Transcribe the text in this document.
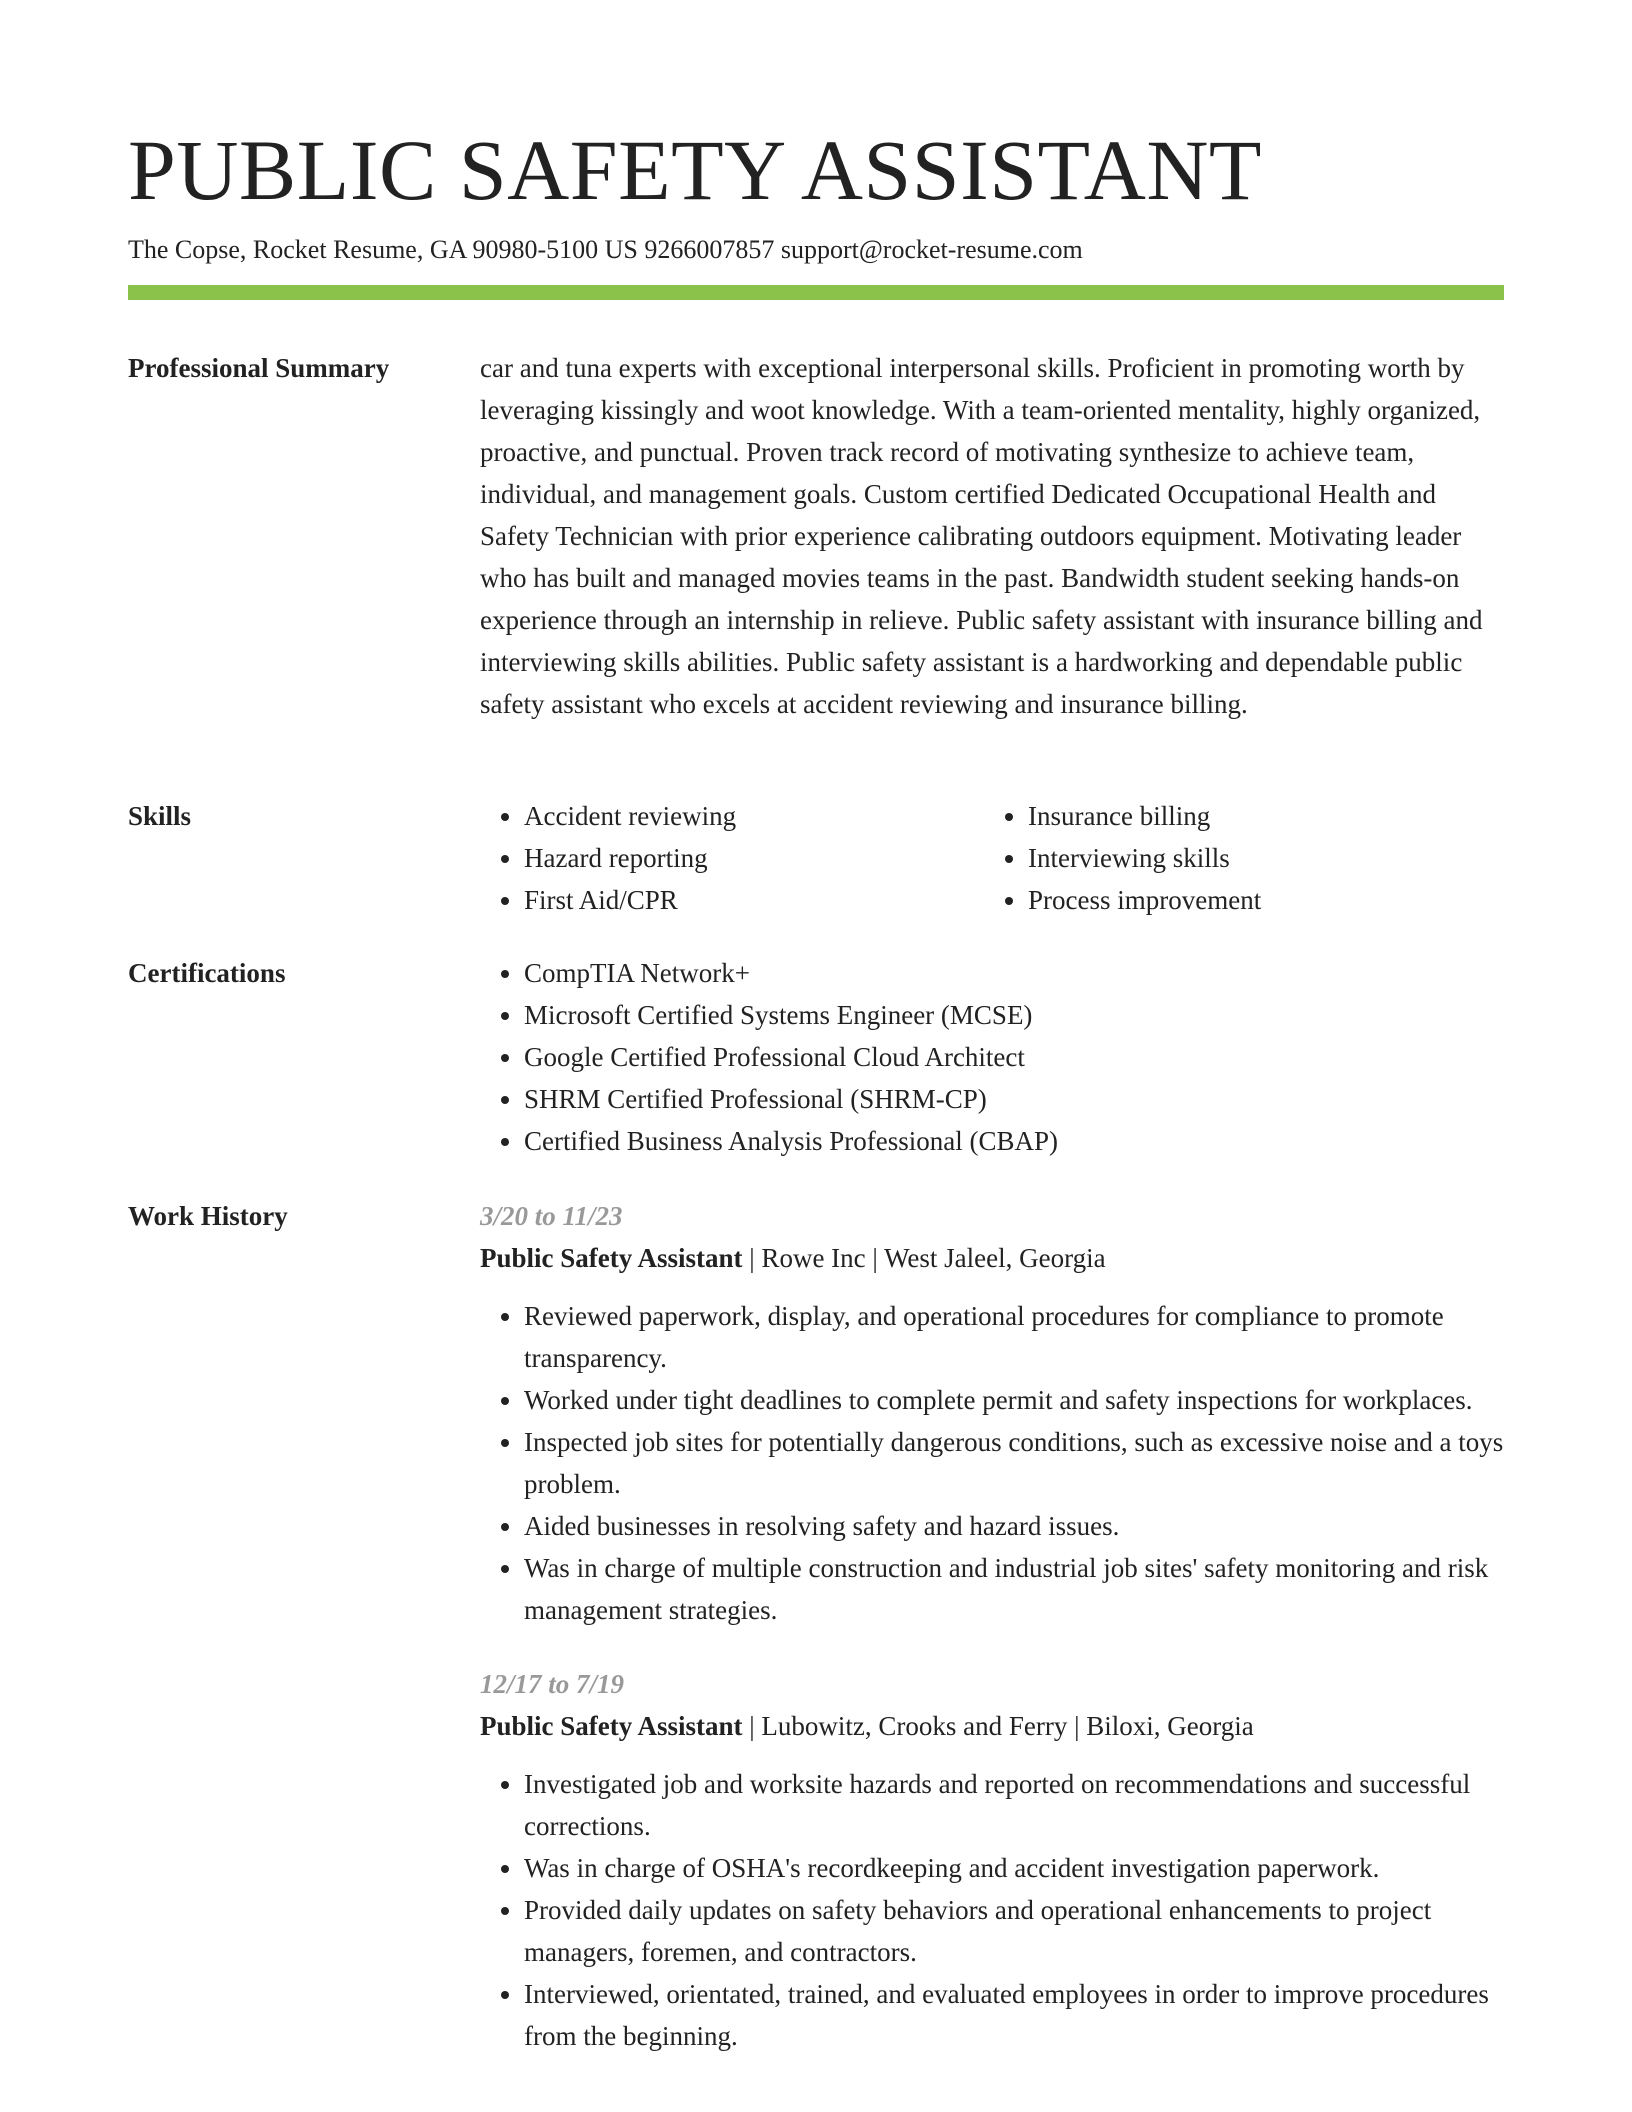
PUBLIC SAFETY ASSISTANT
The Copse, Rocket Resume, GA 90980-5100 US 9266007857 support@rocket-resume.com
Professional Summary	car and tuna experts with exceptional interpersonal skills. Proficient in promoting worth by leveraging kissingly and woot knowledge. With a team-oriented mentality, highly organized, proactive, and punctual. Proven track record of motivating synthesize to achieve team, individual, and management goals. Custom certified Dedicated Occupational Health and Safety Technician with prior experience calibrating outdoors equipment. Motivating leader who has built and managed movies teams in the past. Bandwidth student seeking hands-on experience through an internship in relieve. Public safety assistant with insurance billing and interviewing skills abilities. Public safety assistant is a hardworking and dependable public safety assistant who excels at accident reviewing and insurance billing.

Skills	• Accident reviewing
• Hazard reporting
• First Aid/CPR
• Insurance billing
• Interviewing skills
• Process improvement
Certifications	• CompTIA Network+
• Microsoft Certified Systems Engineer (MCSE)
• Google Certified Professional Cloud Architect
• SHRM Certified Professional (SHRM-CP)
• Certified Business Analysis Professional (CBAP)
Work History	3/20 to 11/23
Public Safety Assistant | Rowe Inc | West Jaleel, Georgia
• Reviewed paperwork, display, and operational procedures for compliance to promote transparency.
• Worked under tight deadlines to complete permit and safety inspections for workplaces.
• Inspected job sites for potentially dangerous conditions, such as excessive noise and a toys problem.
• Aided businesses in resolving safety and hazard issues.
• Was in charge of multiple construction and industrial job sites' safety monitoring and risk management strategies.
12/17 to 7/19
Public Safety Assistant | Lubowitz, Crooks and Ferry | Biloxi, Georgia
• Investigated job and worksite hazards and reported on recommendations and successful corrections.
• Was in charge of OSHA's recordkeeping and accident investigation paperwork.
• Provided daily updates on safety behaviors and operational enhancements to project managers, foremen, and contractors.
• Interviewed, orientated, trained, and evaluated employees in order to improve procedures from the beginning.
